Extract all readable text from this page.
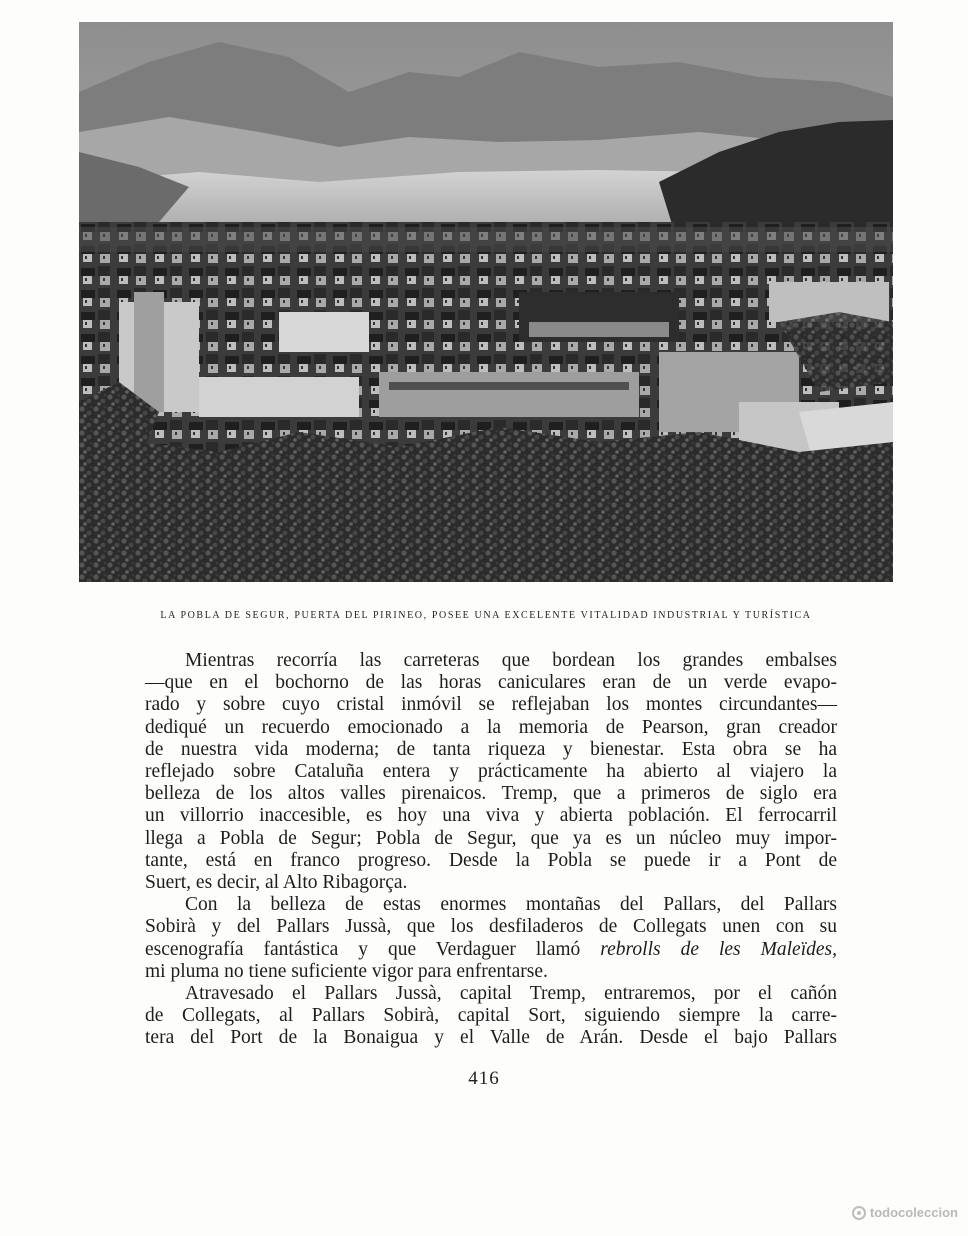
LA POBLA DE SEGUR, PUERTA DEL PIRINEO, POSEE UNA EXCELENTE VITALIDAD INDUSTRIAL Y TURÍSTICA
Mientras recorría las carreteras que bordean los grandes embalses
—que en el bochorno de las horas caniculares eran de un verde evapo-
rado y sobre cuyo cristal inmóvil se reflejaban los montes circundantes—
dediqué un recuerdo emocionado a la memoria de Pearson, gran creador
de nuestra vida moderna; de tanta riqueza y bienestar. Esta obra se ha
reflejado sobre Cataluña entera y prácticamente ha abierto al viajero la
belleza de los altos valles pirenaicos. Tremp, que a primeros de siglo era
un villorrio inaccesible, es hoy una viva y abierta población. El ferrocarril
llega a Pobla de Segur; Pobla de Segur, que ya es un núcleo muy impor-
tante, está en franco progreso. Desde la Pobla se puede ir a Pont de
Suert, es decir, al Alto Ribagorça.
Con la belleza de estas enormes montañas del Pallars, del Pallars
Sobirà y del Pallars Jussà, que los desfiladeros de Collegats unen con su
escenografía fantástica y que Verdaguer llamó rebrolls de les Maleïdes,
mi pluma no tiene suficiente vigor para enfrentarse.
Atravesado el Pallars Jussà, capital Tremp, entraremos, por el cañón
de Collegats, al Pallars Sobirà, capital Sort, siguiendo siempre la carre-
tera del Port de la Bonaigua y el Valle de Arán. Desde el bajo Pallars
416
todocoleccion
